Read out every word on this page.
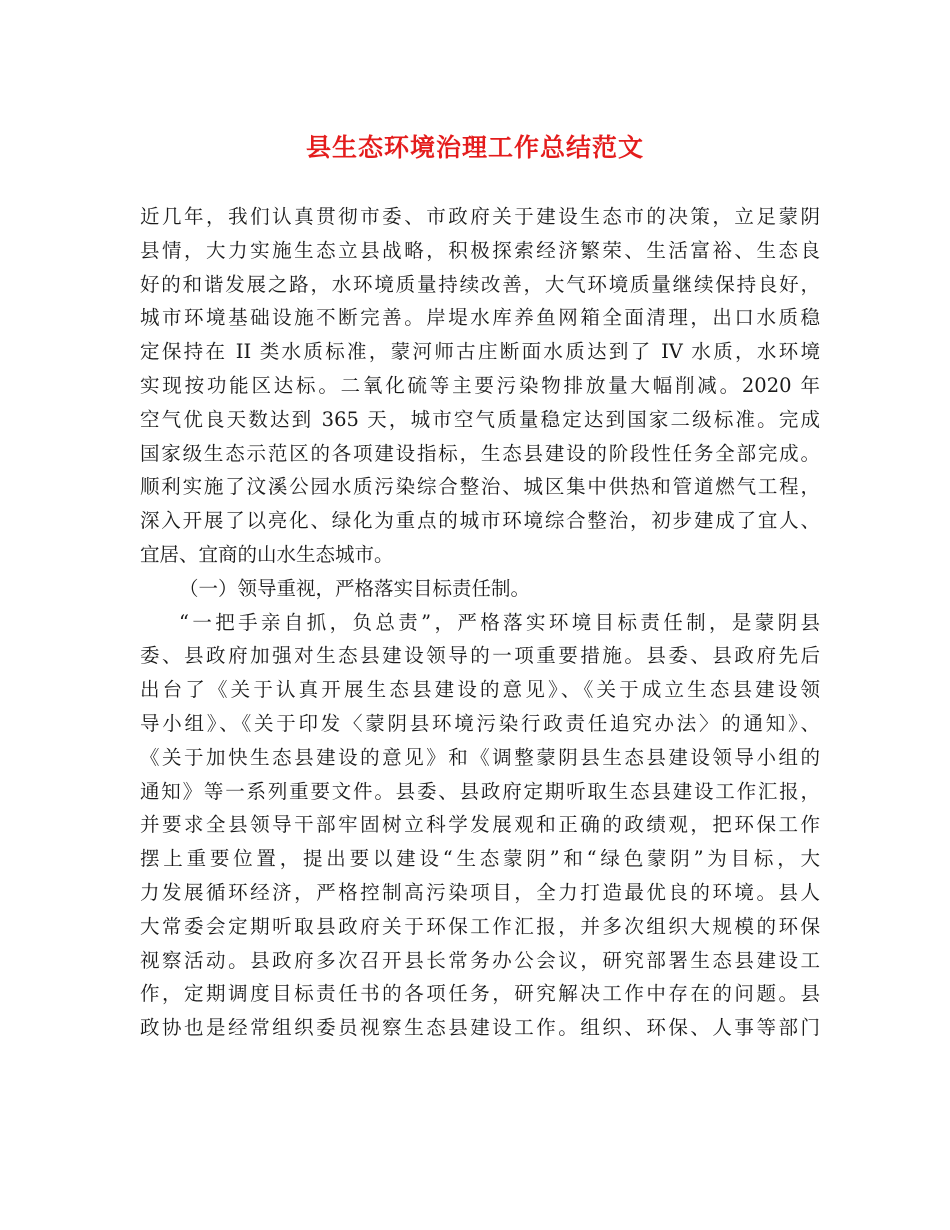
县生态环境治理工作总结范文
近几年，我们认真贯彻市委、市政府关于建设生态市的决策，立足蒙阴
县情，大力实施生态立县战略，积极探索经济繁荣、生活富裕、生态良
好的和谐发展之路，水环境质量持续改善，大气环境质量继续保持良好，
城市环境基础设施不断完善。岸堤水库养鱼网箱全面清理，出口水质稳
定保持在 II 类水质标准，蒙河师古庄断面水质达到了 IV 水质，水环境
实现按功能区达标。二氧化硫等主要污染物排放量大幅削减。2020 年
空气优良天数达到 365 天，城市空气质量稳定达到国家二级标准。完成
国家级生态示范区的各项建设指标，生态县建设的阶段性任务全部完成。
顺利实施了汶溪公园水质污染综合整治、城区集中供热和管道燃气工程，
深入开展了以亮化、绿化为重点的城市环境综合整治，初步建成了宜人、
宜居、宜商的山水生态城市。
（一）领导重视，严格落实目标责任制。
“一把手亲自抓，负总责”，严格落实环境目标责任制，是蒙阴县
委、县政府加强对生态县建设领导的一项重要措施。县委、县政府先后
出台了《关于认真开展生态县建设的意见》、《关于成立生态县建设领
导小组》、《关于印发〈蒙阴县环境污染行政责任追究办法〉的通知》、
《关于加快生态县建设的意见》和《调整蒙阴县生态县建设领导小组的
通知》等一系列重要文件。县委、县政府定期听取生态县建设工作汇报，
并要求全县领导干部牢固树立科学发展观和正确的政绩观，把环保工作
摆上重要位置，提出要以建设“生态蒙阴”和“绿色蒙阴”为目标，大
力发展循环经济，严格控制高污染项目，全力打造最优良的环境。县人
大常委会定期听取县政府关于环保工作汇报，并多次组织大规模的环保
视察活动。县政府多次召开县长常务办公会议，研究部署生态县建设工
作，定期调度目标责任书的各项任务，研究解决工作中存在的问题。县
政协也是经常组织委员视察生态县建设工作。组织、环保、人事等部门
